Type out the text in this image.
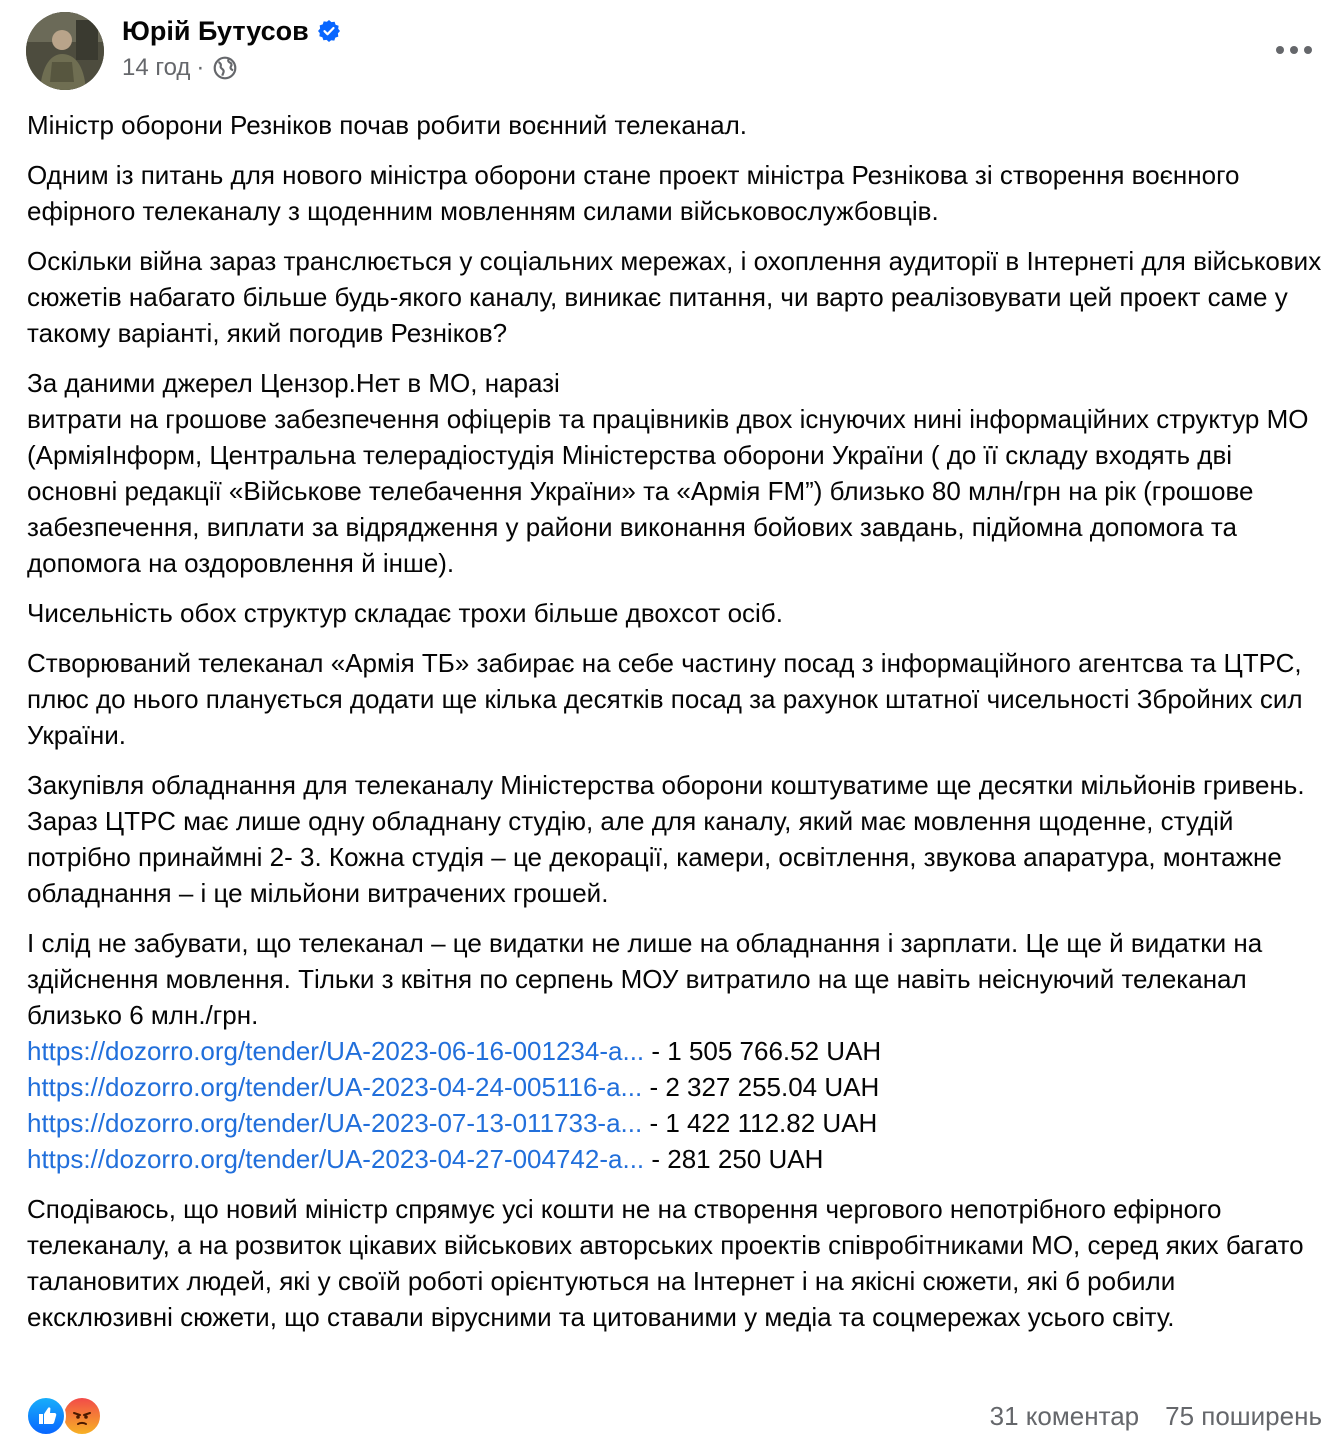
Юрій Бутусов
14 год ·

Міністр оборони Резніков почав робити воєнний телеканал.

Одним із питань для нового міністра оборони стане проект міністра Резнікова зі створення воєнного ефірного телеканалу з щоденним мовленням силами військовослужбовців.

Оскільки війна зараз транслюється у соціальних мережах, і охоплення аудиторії в Інтернеті для військових сюжетів набагато більше будь-якого каналу, виникає питання, чи варто реалізовувати цей проект саме у такому варіанті, який погодив Резніков?

За даними джерел Цензор.Нет в МО, наразі

витрати на грошове забезпечення офіцерів та працівників двох існуючих нині інформаційних структур МО (АрміяІнформ, Центральна телерадіостудія Міністерства оборони України ( до її складу входять дві основні редакції «Військове телебачення України» та «Армія FM”) близько 80 млн/грн на рік (грошове забезпечення, виплати за відрядження у райони виконання бойових завдань, підйомна допомога та допомога на оздоровлення й інше).

Чисельність обох структур складає трохи більше двохсот осіб.

Створюваний телеканал «Армія ТБ» забирає на себе частину посад з інформаційного агентсва та ЦТРС, плюс до нього планується додати ще кілька десятків посад за рахунок штатної чисельності Збройних сил України.

Закупівля обладнання для телеканалу Міністерства оборони коштуватиме ще десятки мільйонів гривень. Зараз ЦТРС має лише одну обладнану студію, але для каналу, який має мовлення щоденне, студій потрібно принаймні 2- 3. Кожна студія – це декорації, камери, освітлення, звукова апаратура, монтажне обладнання – і це мільйони витрачених грошей.

І слід не забувати, що телеканал – це видатки не лише на обладнання і зарплати. Це ще й видатки на здійснення мовлення. Тільки з квітня по серпень МОУ витратило на ще навіть неіснуючий телеканал близько 6 млн./грн.

https://dozorro.org/tender/UA-2023-06-16-001234-a... - 1 505 766.52 UAH
https://dozorro.org/tender/UA-2023-04-24-005116-a... - 2 327 255.04 UAH
https://dozorro.org/tender/UA-2023-07-13-011733-a... - 1 422 112.82 UAH
https://dozorro.org/tender/UA-2023-04-27-004742-a... - 281 250 UAH

Сподіваюсь, що новий міністр спрямує усі кошти не на створення чергового непотрібного ефірного телеканалу, а на розвиток цікавих військових авторських проектів співробітниками МО, серед яких багато талановитих людей, які у своїй роботі орієнтуються на Інтернет і на якісні сюжети, які б робили ексклюзивні сюжети, що ставали вірусними та цитованими у медіа та соцмережах усього світу.

31 коментар 75 поширень
